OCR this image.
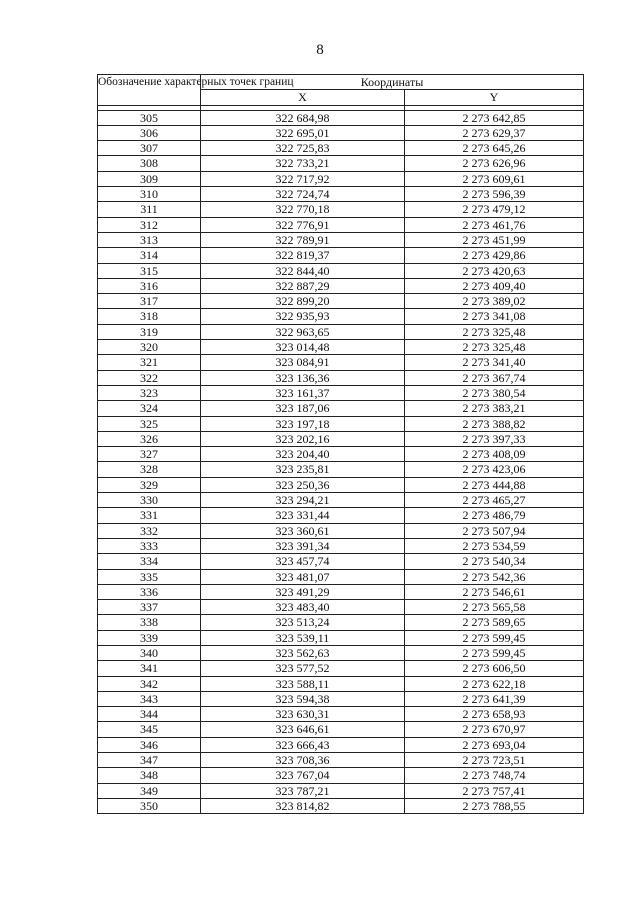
8
Обозначение характерных точек границ	Координаты	
	X	Y

305	322 684,98	2 273 642,85
306	322 695,01	2 273 629,37
307	322 725,83	2 273 645,26
308	322 733,21	2 273 626,96
309	322 717,92	2 273 609,61
310	322 724,74	2 273 596,39
311	322 770,18	2 273 479,12
312	322 776,91	2 273 461,76
313	322 789,91	2 273 451,99
314	322 819,37	2 273 429,86
315	322 844,40	2 273 420,63
316	322 887,29	2 273 409,40
317	322 899,20	2 273 389,02
318	322 935,93	2 273 341,08
319	322 963,65	2 273 325,48
320	323 014,48	2 273 325,48
321	323 084,91	2 273 341,40
322	323 136,36	2 273 367,74
323	323 161,37	2 273 380,54
324	323 187,06	2 273 383,21
325	323 197,18	2 273 388,82
326	323 202,16	2 273 397,33
327	323 204,40	2 273 408,09
328	323 235,81	2 273 423,06
329	323 250,36	2 273 444,88
330	323 294,21	2 273 465,27
331	323 331,44	2 273 486,79
332	323 360,61	2 273 507,94
333	323 391,34	2 273 534,59
334	323 457,74	2 273 540,34
335	323 481,07	2 273 542,36
336	323 491,29	2 273 546,61
337	323 483,40	2 273 565,58
338	323 513,24	2 273 589,65
339	323 539,11	2 273 599,45
340	323 562,63	2 273 599,45
341	323 577,52	2 273 606,50
342	323 588,11	2 273 622,18
343	323 594,38	2 273 641,39
344	323 630,31	2 273 658,93
345	323 646,61	2 273 670,97
346	323 666,43	2 273 693,04
347	323 708,36	2 273 723,51
348	323 767,04	2 273 748,74
349	323 787,21	2 273 757,41
350	323 814,82	2 273 788,55
